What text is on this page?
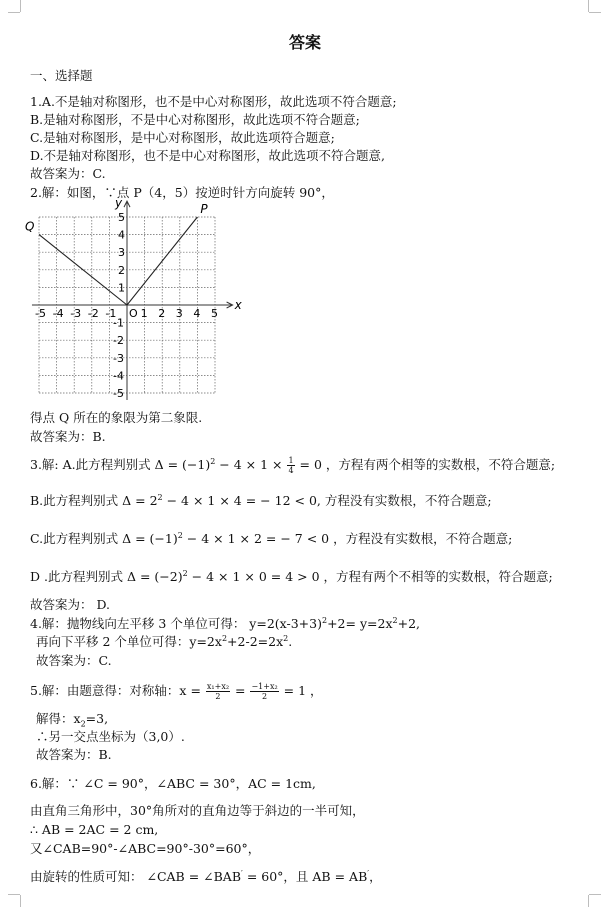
答案
一、选择题
1.A.不是轴对称图形，也不是中心对称图形，故此选项不符合题意;
B.是轴对称图形，不是中心对称图形，故此选项不符合题意;
C.是轴对称图形，是中心对称图形，故此选项符合题意;
D.不是轴对称图形，也不是中心对称图形，故此选项不符合题意,
故答案为：C.
2.解：如图，∵点 P（4，5）按逆时针方向旋转 90°，
-5 -4 -3 -2 -1 O 1 2 3 4 5
5
4
3
2
1
-1
-2
-3
-4
-5
P
Q
x
y
得点 Q 所在的象限为第二象限.
故答案为：B.
3.解: A.此方程判别式 $\Delta = (-1)^2 - 4 \times 1 \times \frac{1}{4} = 0$ ，方程有两个相等的实数根，不符合题意;
B.此方程判别式 $\Delta = 2^2 - 4 \times 1 \times 4$ = − 12 < 0, 方程没有实数根，不符合题意;
C.此方程判别式 $\Delta = (-1)^2 - 4 \times 1 \times 2$ = − 7 < 0 ，方程没有实数根，不符合题意;
D .此方程判别式 $\Delta = (-2)^2 - 4 \times 1 \times 0 = 4 > 0$ ，方程有两个不相等的实数根，符合题意;
故答案为： D.
4.解：抛物线向左平移 3 个单位可得： $y=2(x-3+3)^2+2= y=2x^2+2$,
再向下平移 2 个单位可得：$y=2x^2+2-2=2x^2$.
故答案为：C.
5.解：由题意得：对称轴：$x = \frac{\text{x₁+x₂}}{2} = \frac{\text{−1+x₂}}{2} = 1$ ，
解得：$x_2=3$,
∴另一交点坐标为（3,0）.
故答案为：B.
6.解：∵ ∠C = 90°，∠ABC = 30°，AC = 1cm,
由直角三角形中，30°角所对的直角边等于斜边的一半可知，
∴ AB = 2AC = 2 cm,
又∠CAB=90°-∠ABC=90°-30°=60°，
由旋转的性质可知： ∠CAB = ∠BAB′ = 60°，且 AB = AB′，
